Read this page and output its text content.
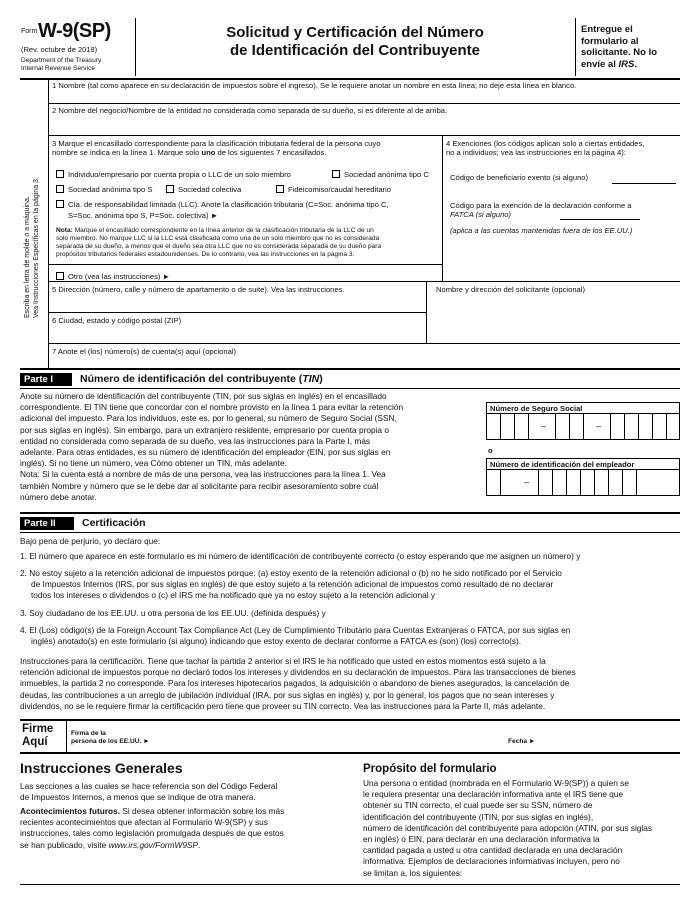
Form W-9(SP)
(Rev. octubre de 2018)
Department of the Treasury
Internal Revenue Service
Solicitud y Certificación del Número
de Identificación del Contribuyente
Entregue el
formulario al
solicitante. No lo
envíe al IRS.
Escriba en letra de molde o a máquina. Vea Instrucciones Específicas en la página 3.
1 Nombre (tal como aparece en su declaración de impuestos sobre el ingreso). Se le requiere anotar un nombre en esta línea; no deje esta línea en blanco.
2 Nombre del negocio/Nombre de la entidad no considerada como separada de su dueño, si es diferente al de arriba.
3 Marque el encasillado correspondiente para la clasificación tributaria federal de la persona cuyo
nombre se indica en la línea 1. Marque solo uno de los siguientes 7 encasillados.
Individuo/empresario por cuenta propia o LLC de un solo miembro	Sociedad anónima tipo C
Sociedad anónima tipo S	Sociedad colectiva	Fideicomiso/caudal hereditario
Cía. de responsabilidad limitada (LLC). Anote la clasificación tributaria (C=Soc. anónima tipo C,
S=Soc. anónima tipo S, P=Soc. colectiva) ►
Nota: Marque el encasillado correspondiente en la línea anterior de la clasificación tributaria de la LLC de un
solo miembro. No marque LLC si la LLC está clasificada como una de un solo miembro que no es considerada
separada de su dueño, a menos que el dueño sea otra LLC que no es considerada separada de su dueño para
propósitos tributarios federales estadounidenses. De lo contrario, vea las instrucciones en la página 3.
Otro (vea las instrucciones) ►
4 Exenciones (los códigos aplican solo a ciertas entidades,
no a individuos; vea las instrucciones en la página 4):
Código de beneficiario exento (si alguno)
Código para la exención de la declaración conforme a
FATCA (si alguno)
(aplica a las cuentas mantenidas fuera de los EE.UU.)
5 Dirección (número, calle y número de apartamento o de suite). Vea las instrucciones.	Nombre y dirección del solicitante (opcional)
6 Ciudad, estado y código postal (ZIP)
7 Anote el (los) número(s) de cuenta(s) aquí (opcional)
Parte I	Número de identificación del contribuyente (TIN)
Anote su número de identificación del contribuyente (TIN, por sus siglas en inglés) en el encasillado
correspondiente. El TIN tiene que concordar con el nombre provisto en la línea 1 para evitar la retención
adicional del impuesto. Para los individuos, este es, por lo general, su número de Seguro Social (SSN,
por sus siglas en inglés). Sin embargo, para un extranjero residente, empresario por cuenta propia o
entidad no considerada como separada de su dueño, vea las instrucciones para la Parte I, más
adelante. Para otras entidades, es su número de identificación del empleador (EIN, por sus siglas en
inglés). Si no tiene un número, vea Cómo obtener un TIN, más adelante.
Nota: Si la cuenta está a nombre de más de una persona, vea las instrucciones para la línea 1. Vea
también Nombre y número que se le debe dar al solicitante para recibir asesoramiento sobre cuál
número debe anotar.
Número de Seguro Social
–	–
o
Número de identificación del empleador
–
Parte II	Certificación
Bajo pena de perjurio, yo declaro que:
1. El número que aparece en este formulario es mi número de identificación de contribuyente correcto (o estoy esperando que me asignen un número) y
2. No estoy sujeto a la retención adicional de impuestos porque: (a) estoy exento de la retención adicional o (b) no he sido notificado por el Servicio
de Impuestos Internos (IRS, por sus siglas en inglés) de que estoy sujeto a la retención adicional de impuestos como resultado de no declarar
todos los intereses o dividendos o (c) el IRS me ha notificado que ya no estoy sujeto a la retención adicional y
3. Soy ciudadano de los EE.UU. u otra persona de los EE.UU. (definida después) y
4. El (Los) código(s) de la Foreign Account Tax Compliance Act (Ley de Cumplimiento Tributario para Cuentas Extranjeras o FATCA, por sus siglas en
inglés) anotado(s) en este formulario (si alguno) indicando que estoy exento de declarar conforme a FATCA es (son) (los) correcto(s).
Instrucciones para la certificación. Tiene que tachar la partida 2 anterior si el IRS le ha notificado que usted en estos momentos está sujeto a la
retención adicional de impuestos porque no declaró todos los intereses y dividendos en su declaración de impuestos. Para las transacciones de bienes
inmuebles, la partida 2 no corresponde. Para los intereses hipotecarios pagados, la adquisición o abandono de bienes asegurados, la cancelación de
deudas, las contribuciones a un arreglo de jubilación individual (IRA, por sus siglas en inglés) y, por lo general, los pagos que no sean intereses y
dividendos, no se le requiere firmar la certificación pero tiene que proveer su TIN correcto. Vea las instrucciones para la Parte II, más adelante.
Firme
Aquí
Firma de la
persona de los EE.UU. ►	Fecha ►
Instrucciones Generales
Las secciones a las cuales se hace referencia son del Código Federal
de Impuestos Internos, a menos que se indique de otra manera.
Acontecimientos futuros. Si desea obtener información sobre los más
recientes acontecimientos que afectan al Formulario W-9(SP) y sus
instrucciones, tales como legislación promulgada después de que estos
se han publicado, visite www.irs.gov/FormW9SP.
Propósito del formulario
Una persona o entidad (nombrada en el Formulario W-9(SP)) a quien se
le requiera presentar una declaración informativa ante el IRS tiene que
obtener su TIN correcto, el cual puede ser su SSN, número de
identificación del contribuyente (ITIN, por sus siglas en inglés),
número de identificación del contribuyente para adopción (ATIN, por sus siglas
en inglés) o EIN, para declarar en una declaración informativa la
cantidad pagada a usted u otra cantidad declarada en una declaración
informativa. Ejemplos de declaraciones informativas incluyen, pero no
se limitan a, los siguientes:
